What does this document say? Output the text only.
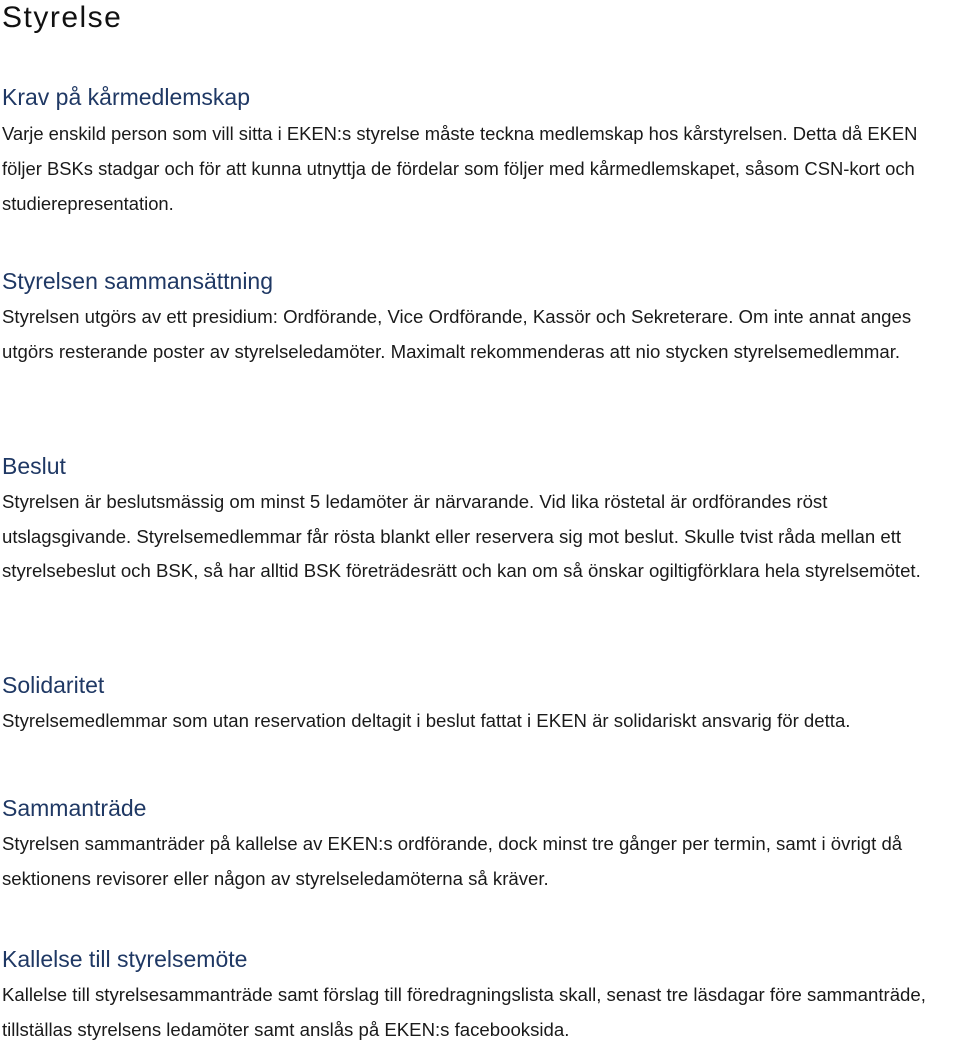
Styrelse
Krav på kårmedlemskap

Varje enskild person som vill sitta i EKEN:s styrelse måste teckna medlemskap hos kårstyrelsen. Detta då EKEN följer BSKs stadgar och för att kunna utnyttja de fördelar som följer med kårmedlemskapet, såsom CSN-kort och studierepresentation.

Styrelsen sammansättning

Styrelsen utgörs av ett presidium: Ordförande, Vice Ordförande, Kassör och Sekreterare. Om inte annat anges utgörs resterande poster av styrelseledamöter. Maximalt rekommenderas att nio stycken styrelsemedlemmar.

Beslut

Styrelsen är beslutsmässig om minst 5 ledamöter är närvarande. Vid lika röstetal är ordförandes röst utslagsgivande. Styrelsemedlemmar får rösta blankt eller reservera sig mot beslut. Skulle tvist råda mellan ett styrelsebeslut och BSK, så har alltid BSK företrädesrätt och kan om så önskar ogiltigförklara hela styrelsemötet.

Solidaritet

Styrelsemedlemmar som utan reservation deltagit i beslut fattat i EKEN är solidariskt ansvarig för detta.

Sammanträde

Styrelsen sammanträder på kallelse av EKEN:s ordförande, dock minst tre gånger per termin, samt i övrigt då sektionens revisorer eller någon av styrelseledamöterna så kräver.

Kallelse till styrelsemöte

Kallelse till styrelsesammanträde samt förslag till föredragningslista skall, senast tre läsdagar före sammanträde, tillställas styrelsens ledamöter samt anslås på EKEN:s facebooksida.
